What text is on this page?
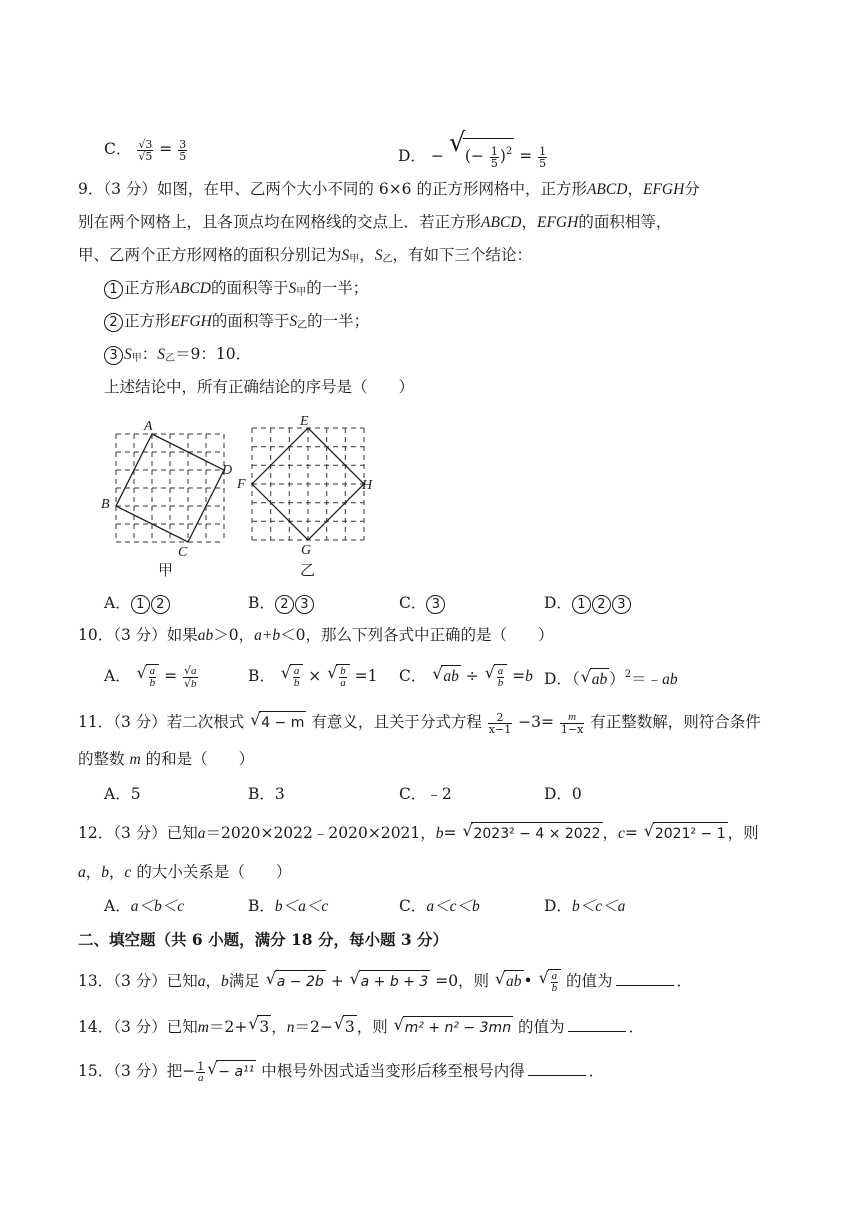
C． $\frac{√3}{√5} = \frac{3}{5}$	D． − √ (− $\frac{1}{5} )^2 = \frac{1}{5}$
9．（3 分）如图，在甲、乙两个大小不同的 6×6 的正方形网格中，正方形ABCD，EFGH分
别在两个网格上，且各顶点均在网格线的交点上．若正方形ABCD，EFGH的面积相等，
甲、乙两个正方形网格的面积分别记为$S_甲$，$S_乙$，有如下三个结论：
1 正方形ABCD的面积等于$S_甲$的一半；
2 正方形EFGH的面积等于$S_乙$的一半；
3 $S_甲$：$S_乙=9$：10．
上述结论中，所有正确结论的序号是（　　）
A
B
C
D
E
F
G
H
甲	乙
A． 1 2	B． 2 3	C． 3	D． 1 2 3
10．（3 分）如果ab＞0，a+b＜0，那么下列各式中正确的是（　　）
A． √ $\frac{a}{b} = \frac{√a}{√b}$	B． √ $\frac{a}{b}$ × √ $\frac{b}{a} =1$ C． √ ab ÷ √ $\frac{a}{b} =b$ D．（ √ ab ）$^2$＝﹣ab
11．（3 分）若二次根式 √ 4 − m 有意义，且关于分式方程 $\frac{2}{x-1} -3= \frac{m}{1-x}$ 有正整数解，则符合条件
的整数 m 的和是（　　）
A．5	B．3	C．﹣2	D．0
12．（3 分）已知a＝2020×2022﹣2020×2021，b= √ 2023² − 4 × 2022 ，c= √ 2021² − 1 ，则
a，b，c 的大小关系是（　　）
A．a＜b＜c	B．b＜a＜c	C．a＜c＜b	D．b＜c＜a
二、填空题（共 6 小题，满分 18 分，每小题 3 分）
13．（3 分）已知a，b满足 √ a − 2b + √ a + b + 3 =0，则 √ ab • √ $\frac{a}{b}$ 的值为	．
14．（3 分）已知m＝2+ √ 3 ，n＝2− √ 3 ，则 √ m² + n² − 3mn 的值为	．
15．（3 分）把− $\frac{1}{a}$ √ − a¹¹ 中根号外因式适当变形后移至根号内得	．
